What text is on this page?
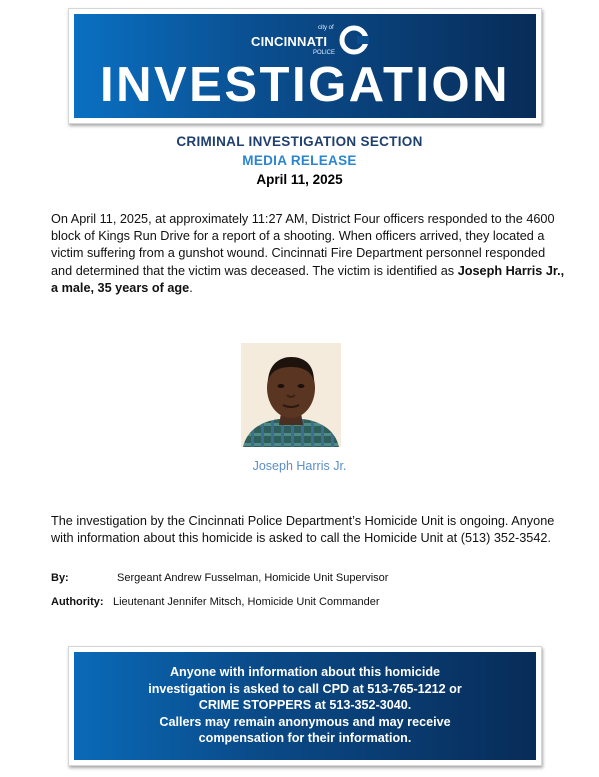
city of
CINCINNATI
POLICE
INVESTIGATION
CRIMINAL INVESTIGATION SECTION
MEDIA RELEASE
April 11, 2025
On April 11, 2025, at approximately 11:27 AM, District Four officers responded to the 4600 block of Kings Run Drive for a report of a shooting. When officers arrived, they located a victim suffering from a gunshot wound. Cincinnati Fire Department personnel responded and determined that the victim was deceased. The victim is identified as Joseph Harris Jr., a male, 35 years of age.
Joseph Harris Jr.
The investigation by the Cincinnati Police Department’s Homicide Unit is ongoing. Anyone with information about this homicide is asked to call the Homicide Unit at (513) 352-3542.
By:	Sergeant Andrew Fusselman, Homicide Unit Supervisor
Authority: Lieutenant Jennifer Mitsch, Homicide Unit Commander
Anyone with information about this homicide
investigation is asked to call CPD at 513-765-1212 or
CRIME STOPPERS at 513-352-3040.
Callers may remain anonymous and may receive
compensation for their information.
